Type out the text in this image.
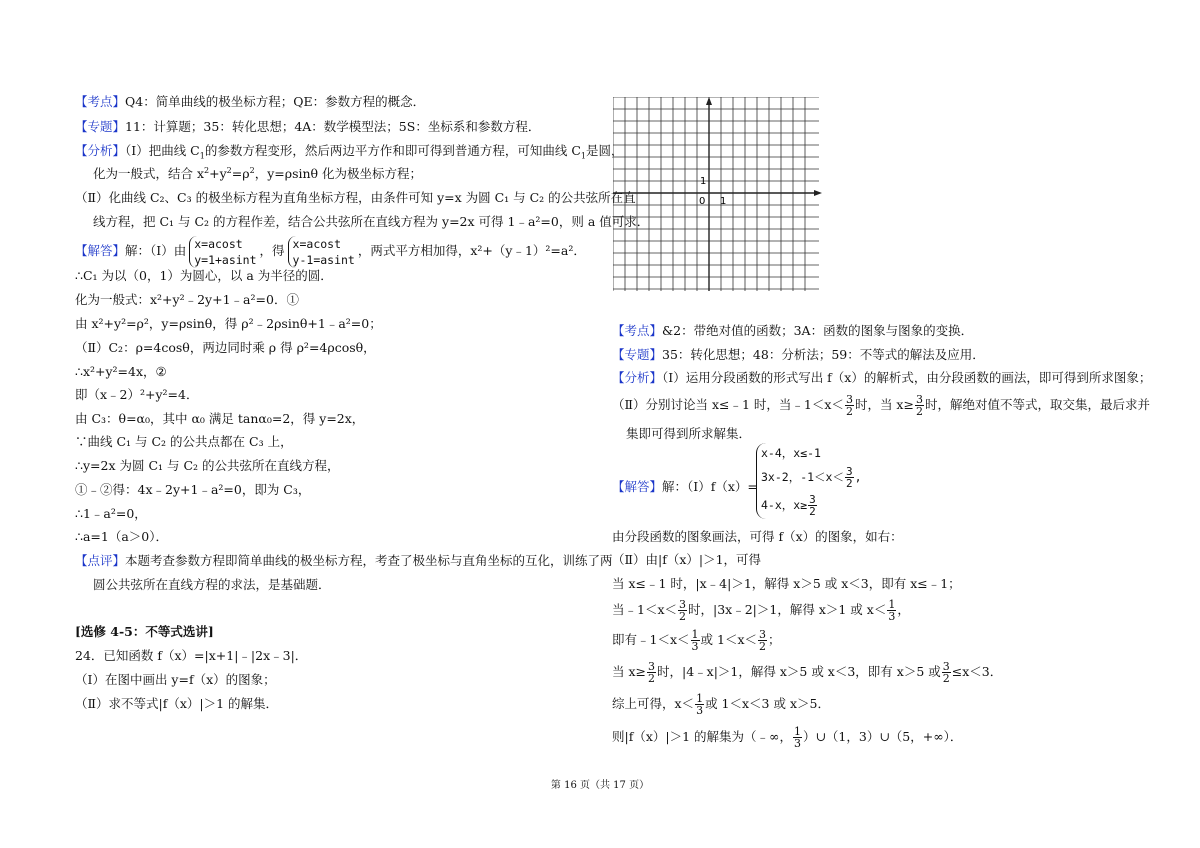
【考点】Q4：简单曲线的极坐标方程；QE：参数方程的概念．
【专题】11：计算题；35：转化思想；4A：数学模型法；5S：坐标系和参数方程．
【分析】（Ⅰ）把曲线 $C_1$的参数方程变形，然后两边平方作和即可得到普通方程，可知曲线 $C_1$是圆，
化为一般式，结合 $x^2+y^2=\rho^2$，y=ρsinθ 化为极坐标方程；
（Ⅱ）化曲线 C₂、C₃ 的极坐标方程为直角坐标方程，由条件可知 y=x 为圆 C₁ 与 C₂ 的公共弦所在直
线方程，把 C₁ 与 C₂ 的方程作差，结合公共弦所在直线方程为 y=2x 可得 1﹣a²=0，则 a 值可求．
【解答】解：（Ⅰ）由 x=acost
y=1+asint
，得 x=acost
y-1=asint
，两式平方相加得，x²+（y﹣1）²=a²．
∴C₁ 为以（0，1）为圆心，以 a 为半径的圆．
化为一般式：x²+y²﹣2y+1﹣a²=0．①
由 x²+y²=ρ²，y=ρsinθ，得 ρ²﹣2ρsinθ+1﹣a²=0；
（Ⅱ）C₂：ρ=4cosθ，两边同时乘 ρ 得 ρ²=4ρcosθ，
∴x²+y²=4x，②
即（x﹣2）²+y²=4．
由 C₃：θ=α₀，其中 α₀ 满足 tanα₀=2，得 y=2x，
∵曲线 C₁ 与 C₂ 的公共点都在 C₃ 上，
∴y=2x 为圆 C₁ 与 C₂ 的公共弦所在直线方程，
①﹣②得：4x﹣2y+1﹣a²=0，即为 C₃，
∴1﹣a²=0，
∴a=1（a＞0）．
【点评】本题考查参数方程即简单曲线的极坐标方程，考查了极坐标与直角坐标的互化，训练了两
圆公共弦所在直线方程的求法，是基础题．
[选修 4-5：不等式选讲]
24．已知函数 f（x）=|x+1|﹣|2x﹣3|．
（Ⅰ）在图中画出 y=f（x）的图象；
（Ⅱ）求不等式|f（x）|＞1 的解集．
1
0 1
【考点】&2：带绝对值的函数；3A：函数的图象与图象的变换．
【专题】35：转化思想；48：分析法；59：不等式的解法及应用．
【分析】（Ⅰ）运用分段函数的形式写出 f（x）的解析式，由分段函数的画法，即可得到所求图象；
（Ⅱ）分别讨论当 x≤﹣1 时，当﹣1＜x＜ $\frac{3}{2}$ 时，当 $x\ge \frac{3}{2}$ 时，解绝对值不等式，取交集，最后求并
集即可得到所求解集．
【解答】解：（Ⅰ）f（x）=
x-4，x≤-1
3x-2，$-1<x< \frac{3}{2}$ ,
4-x，$x\ge \frac{3}{2}$
由分段函数的图象画法，可得 f（x）的图象，如右：
（Ⅱ）由|f（x）|＞1，可得
当 x≤﹣1 时，|x﹣4|＞1，解得 x＞5 或 x＜3，即有 x≤﹣1；
当﹣1＜x＜ $\frac{3}{2}$ 时，|3x﹣2|＞1，解得 x＞1 或 $x< \frac{1}{3}$ ，
即有﹣1＜x＜ $\frac{1}{3}$ 或 $1<x< \frac{3}{2}$ ；
当 $x\ge \frac{3}{2}$ 时，|4﹣x|＞1，解得 x＞5 或 x＜3，即有 x＞5 或 $\frac{3}{2} \le x<3$．
综上可得，$x< \frac{1}{3}$ 或 1＜x＜3 或 x＞5．
则|f（x）|＞1 的解集为（﹣∞， $\frac{1}{3}$ ）∪（1，3）∪（5，+∞）．
第 16 页（共 17 页）
